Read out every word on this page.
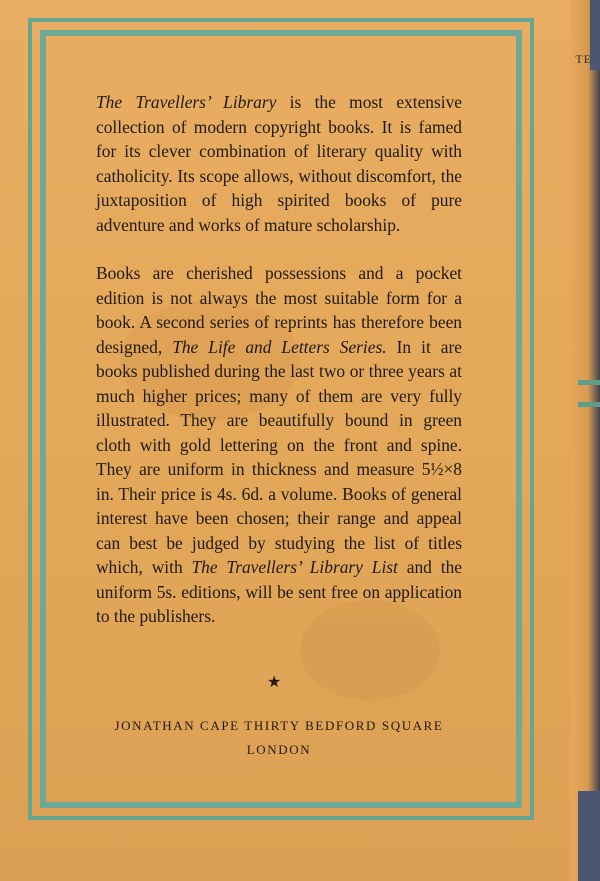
TE

The Travellers’ Library is the most extensive collection of modern copyright books. It is famed for its clever combination of literary quality with catholicity. Its scope allows, without discomfort, the juxtaposition of high spirited books of pure adventure and works of mature scholarship.

Books are cherished possessions and a pocket edition is not always the most suitable form for a book. A second series of reprints has therefore been designed, The Life and Letters Series. In it are books published during the last two or three years at much higher prices; many of them are very fully illustrated. They are beautifully bound in green cloth with gold lettering on the front and spine. They are uniform in thickness and measure 5½×8 in. Their price is 4s. 6d. a volume. Books of general interest have been chosen; their range and appeal can best be judged by studying the list of titles which, with The Travellers’ Library List and the uniform 5s. editions, will be sent free on application to the publishers.

★
JONATHAN CAPE THIRTY BEDFORD SQUARE
LONDON
